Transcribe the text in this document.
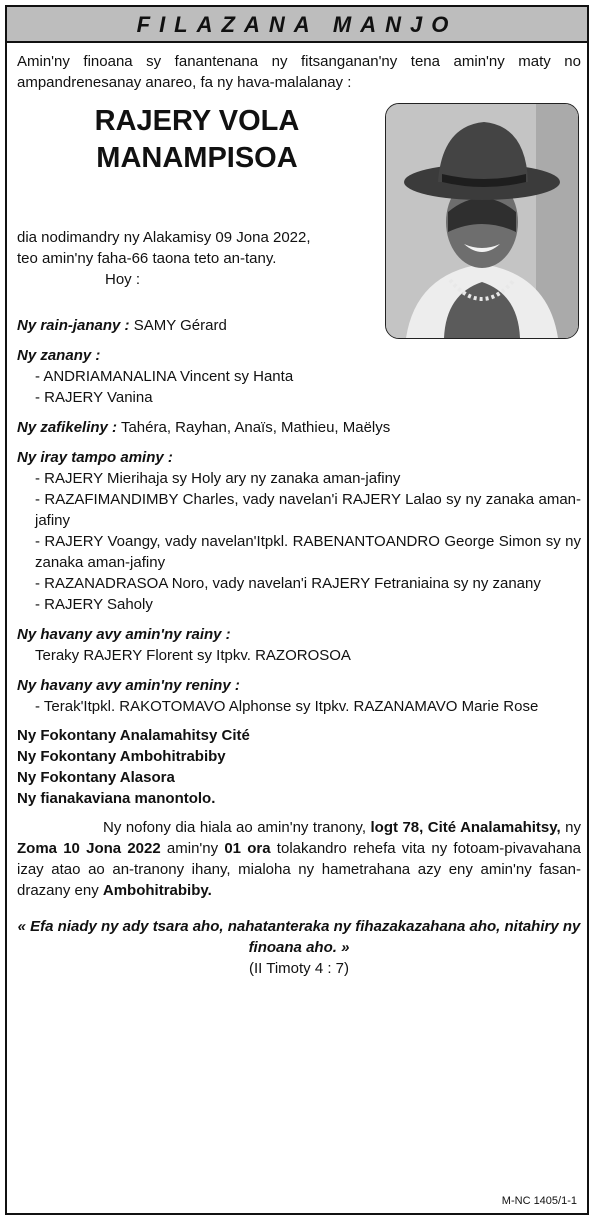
FILAZANA MANJO

Amin'ny finoana sy fanantenana ny fitsanganan'ny tena amin'ny maty no ampandrenesanay anareo, fa ny hava-malalanay :

RAJERY VOLA
MANAMPISOA

dia nodimandry ny Alakamisy 09 Jona 2022,

teo amin'ny faha-66 taona teto an-tany.

Hoy :

Ny rain-janany : SAMY Gérard

Ny zanany :
- ANDRIAMANALINA Vincent sy Hanta
- RAJERY Vanina

Ny zafikeliny : Tahéra, Rayhan, Anaïs, Mathieu, Maëlys

Ny iray tampo aminy :
- RAJERY Mierihaja sy Holy ary ny zanaka aman-jafiny
- RAZAFIMANDIMBY Charles, vady navelan'i RAJERY Lalao sy ny zanaka aman-jafiny
- RAJERY Voangy, vady navelan'Itpkl. RABENANTOANDRO George Simon sy ny zanaka aman-jafiny
- RAZANADRASOA Noro, vady navelan'i RAJERY Fetraniaina sy ny zanany
- RAJERY Saholy
Ny havany avy amin'ny rainy :
Teraky RAJERY Florent sy Itpkv. RAZOROSOA
Ny havany avy amin'ny reniny :
- Terak'Itpkl. RAKOTOMAVO Alphonse sy Itpkv. RAZANAMAVO Marie Rose

Ny Fokontany Analamahitsy Cité

Ny Fokontany Ambohitrabiby

Ny Fokontany Alasora

Ny fianakaviana manontolo.

Ny nofony dia hiala ao amin'ny tranony, logt 78, Cité Analamahitsy, ny Zoma 10 Jona 2022 amin'ny 01 ora tolakandro rehefa vita ny fotoam-pivavahana izay atao ao an-tranony ihany, mialoha ny hametrahana azy eny amin'ny fasan-drazany eny Ambohitrabiby.

« Efa niady ny ady tsara aho, nahatanteraka ny fihazakazahana aho, nitahiry ny finoana aho. »
(II Timoty 4 : 7)
M-NC 1405/1-1
